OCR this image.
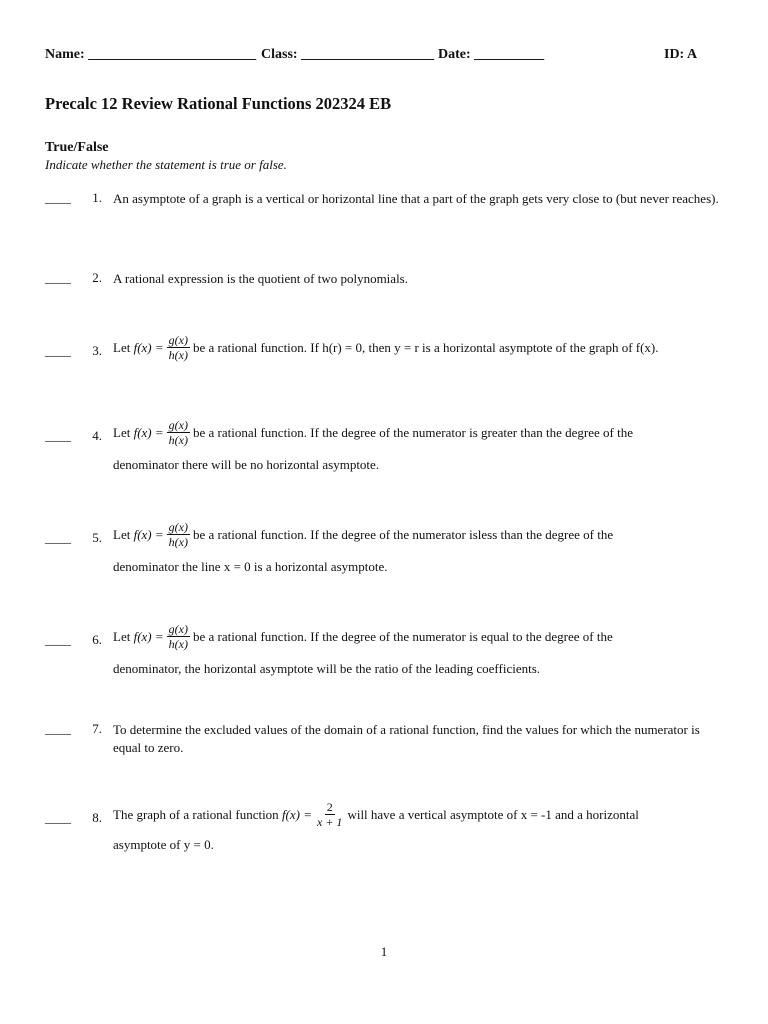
Name: ________________________ Class: ___________________ Date: __________	ID: A
Precalc 12 Review Rational Functions 202324 EB
True/False
Indicate whether the statement is true or false.
____	1. An asymptote of a graph is a vertical or horizontal line that a part of the graph gets very close to (but never reaches).
____	2. A rational expression is the quotient of two polynomials.
____	3. Let
$f(x) = \frac{g(x)}{h(x)}$ be a rational function. If h(r) = 0, then y = r is a horizontal asymptote of the graph of f(x).
____	4. Let
$f(x) = \frac{g(x)}{h(x)}$ be a rational function. If the degree of the numerator is greater than the degree of the
denominator there will be no horizontal asymptote.
____	5. Let
$f(x) = \frac{g(x)}{h(x)}$ be a rational function. If the degree of the numerator isless than the degree of the
denominator the line x = 0 is a horizontal asymptote.
____	6. Let
$f(x) = \frac{g(x)}{h(x)}$ be a rational function. If the degree of the numerator is equal to the degree of the
denominator, the horizontal asymptote will be the ratio of the leading coefficients.
____	7. To determine the excluded values of the domain of a rational function, find the values for which the numerator is equal to zero.
____	8. The graph of a rational function
$f(x) = \frac{2}{x + 1}$ will have a vertical asymptote of x = -1 and a horizontal
asymptote of y = 0.
1
